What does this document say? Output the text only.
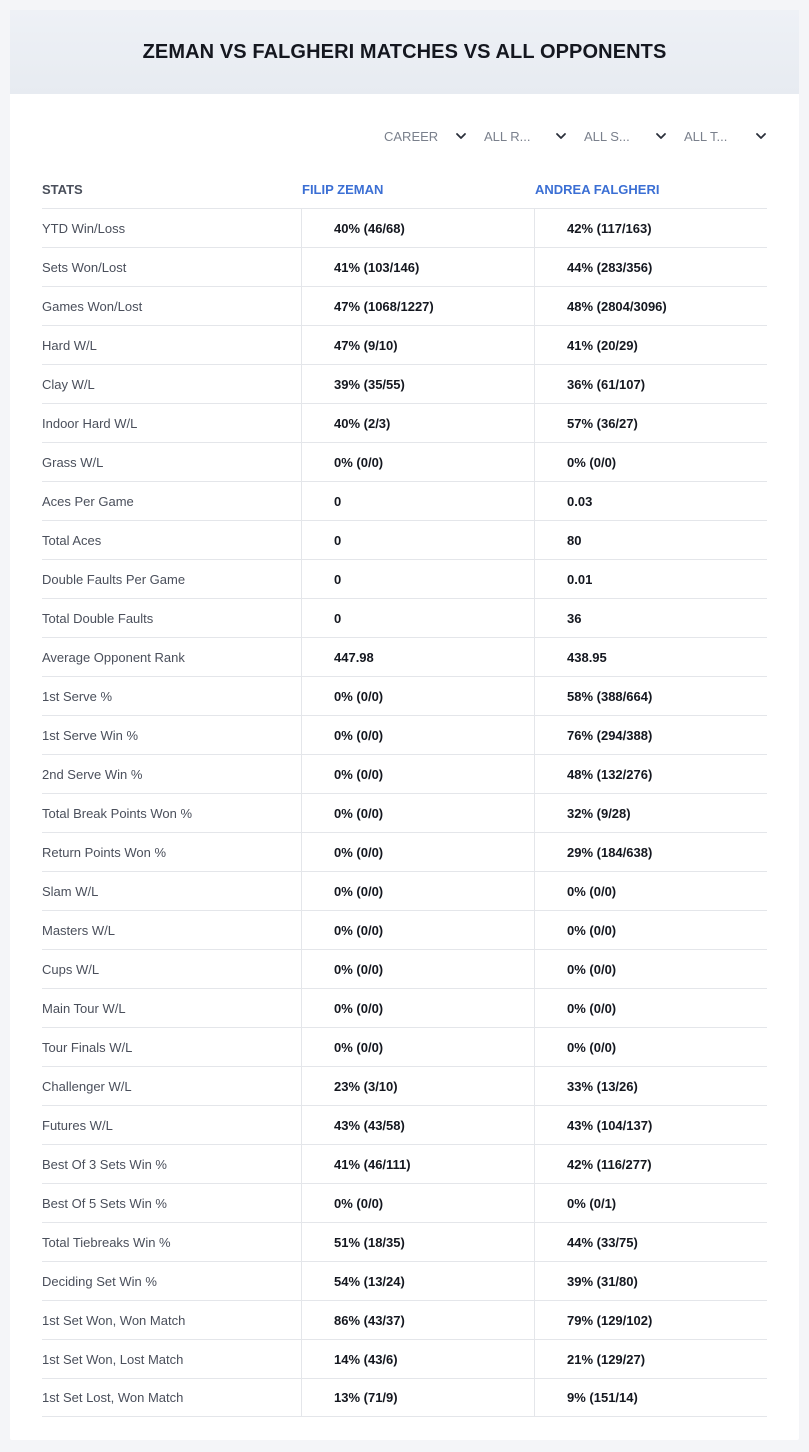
ZEMAN VS FALGHERI MATCHES VS ALL OPPONENTS
CAREER	ALL R...	ALL S...	ALL T...
STATS	FILIP ZEMAN	ANDREA FALGHERI
YTD Win/Loss	40% (46/68)	42% (117/163)
Sets Won/Lost	41% (103/146)	44% (283/356)
Games Won/Lost	47% (1068/1227)	48% (2804/3096)
Hard W/L	47% (9/10)	41% (20/29)
Clay W/L	39% (35/55)	36% (61/107)
Indoor Hard W/L	40% (2/3)	57% (36/27)
Grass W/L	0% (0/0)	0% (0/0)
Aces Per Game	0	0.03
Total Aces	0	80
Double Faults Per Game	0	0.01
Total Double Faults	0	36
Average Opponent Rank	447.98	438.95
1st Serve %	0% (0/0)	58% (388/664)
1st Serve Win %	0% (0/0)	76% (294/388)
2nd Serve Win %	0% (0/0)	48% (132/276)
Total Break Points Won %	0% (0/0)	32% (9/28)
Return Points Won %	0% (0/0)	29% (184/638)
Slam W/L	0% (0/0)	0% (0/0)
Masters W/L	0% (0/0)	0% (0/0)
Cups W/L	0% (0/0)	0% (0/0)
Main Tour W/L	0% (0/0)	0% (0/0)
Tour Finals W/L	0% (0/0)	0% (0/0)
Challenger W/L	23% (3/10)	33% (13/26)
Futures W/L	43% (43/58)	43% (104/137)
Best Of 3 Sets Win %	41% (46/111)	42% (116/277)
Best Of 5 Sets Win %	0% (0/0)	0% (0/1)
Total Tiebreaks Win %	51% (18/35)	44% (33/75)
Deciding Set Win %	54% (13/24)	39% (31/80)
1st Set Won, Won Match	86% (43/37)	79% (129/102)
1st Set Won, Lost Match	14% (43/6)	21% (129/27)
1st Set Lost, Won Match	13% (71/9)	9% (151/14)
